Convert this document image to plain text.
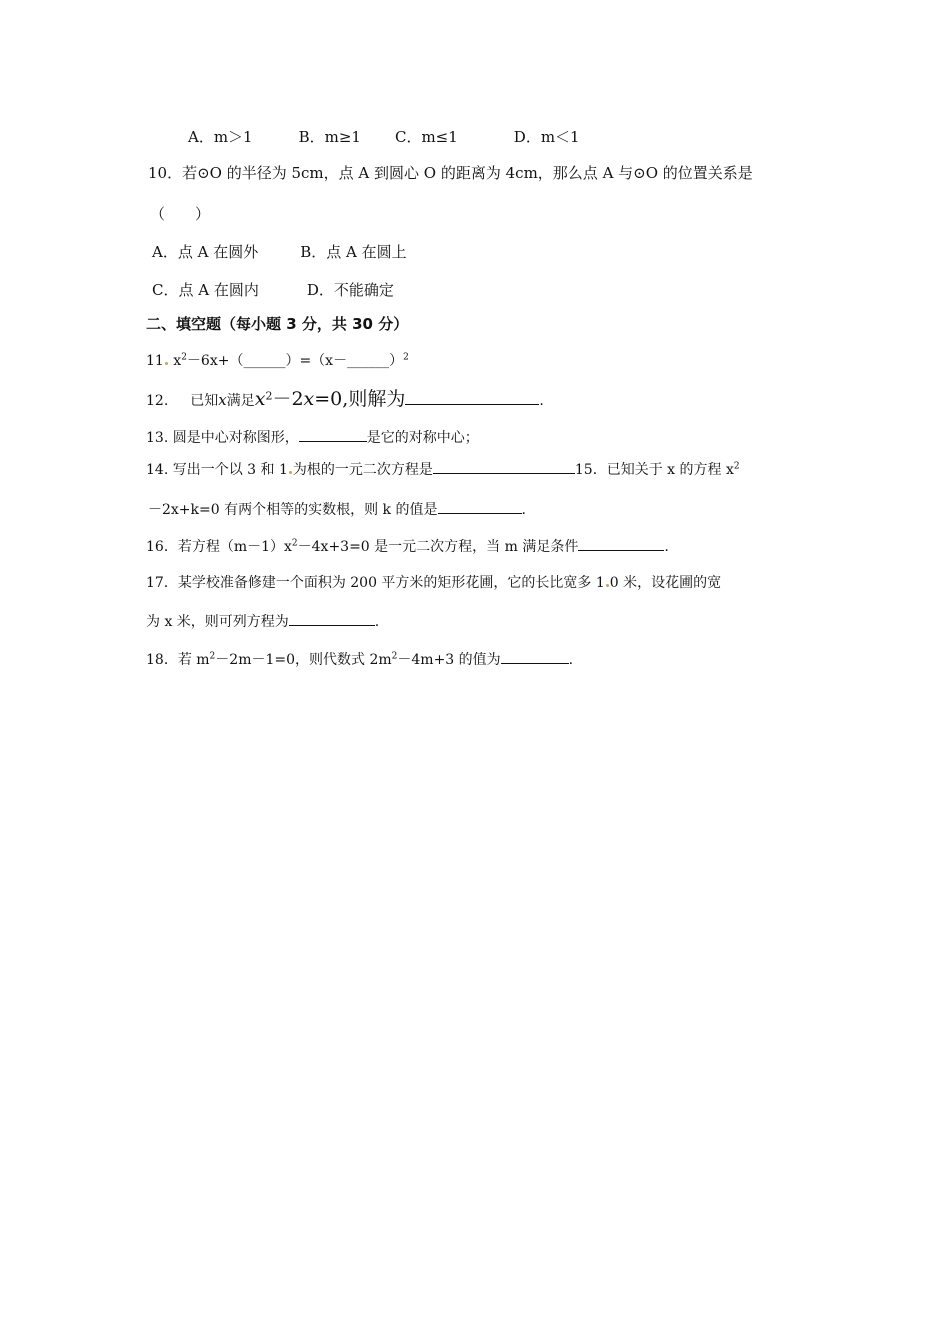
A．m＞1	B．m≥1 C．m≤1	D．m＜1
10．若⊙O 的半径为 5cm，点 A 到圆心 O 的距离为 4cm，那么点 A 与⊙O 的位置关系是
（　　）
A．点 A 在圆外	B．点 A 在圆上
C．点 A 在圆内	D．不能确定
二、填空题（每小题 3 分，共 30 分）
11 $x^2-6x+(\_\_\_\_\_\_)=(x-\_\_\_\_\_\_)^2$
12. 已知x满足$x^2-2x=0$,则解为	.
13. 圆是中心对称图形，	是它的对称中心；
14. 写出一个以 3 和 1 为根的一元二次方程是	15．已知关于 x 的方程 $x^2$
－2x+k=0 有两个相等的实数根，则 k 的值是	.
16．若方程$(m-1)x^2-4x+3=0$ 是一元二次方程，当 m 满足条件	.
17．某学校准备修建一个面积为 200 平方米的矩形花圃，它的长比宽多 1 0 米，设花圃的宽
为 x 米，则可列方程为	.
18．若 $m^2-2m-1=0$，则代数式 $2m^2-4m+3$ 的值为	.
